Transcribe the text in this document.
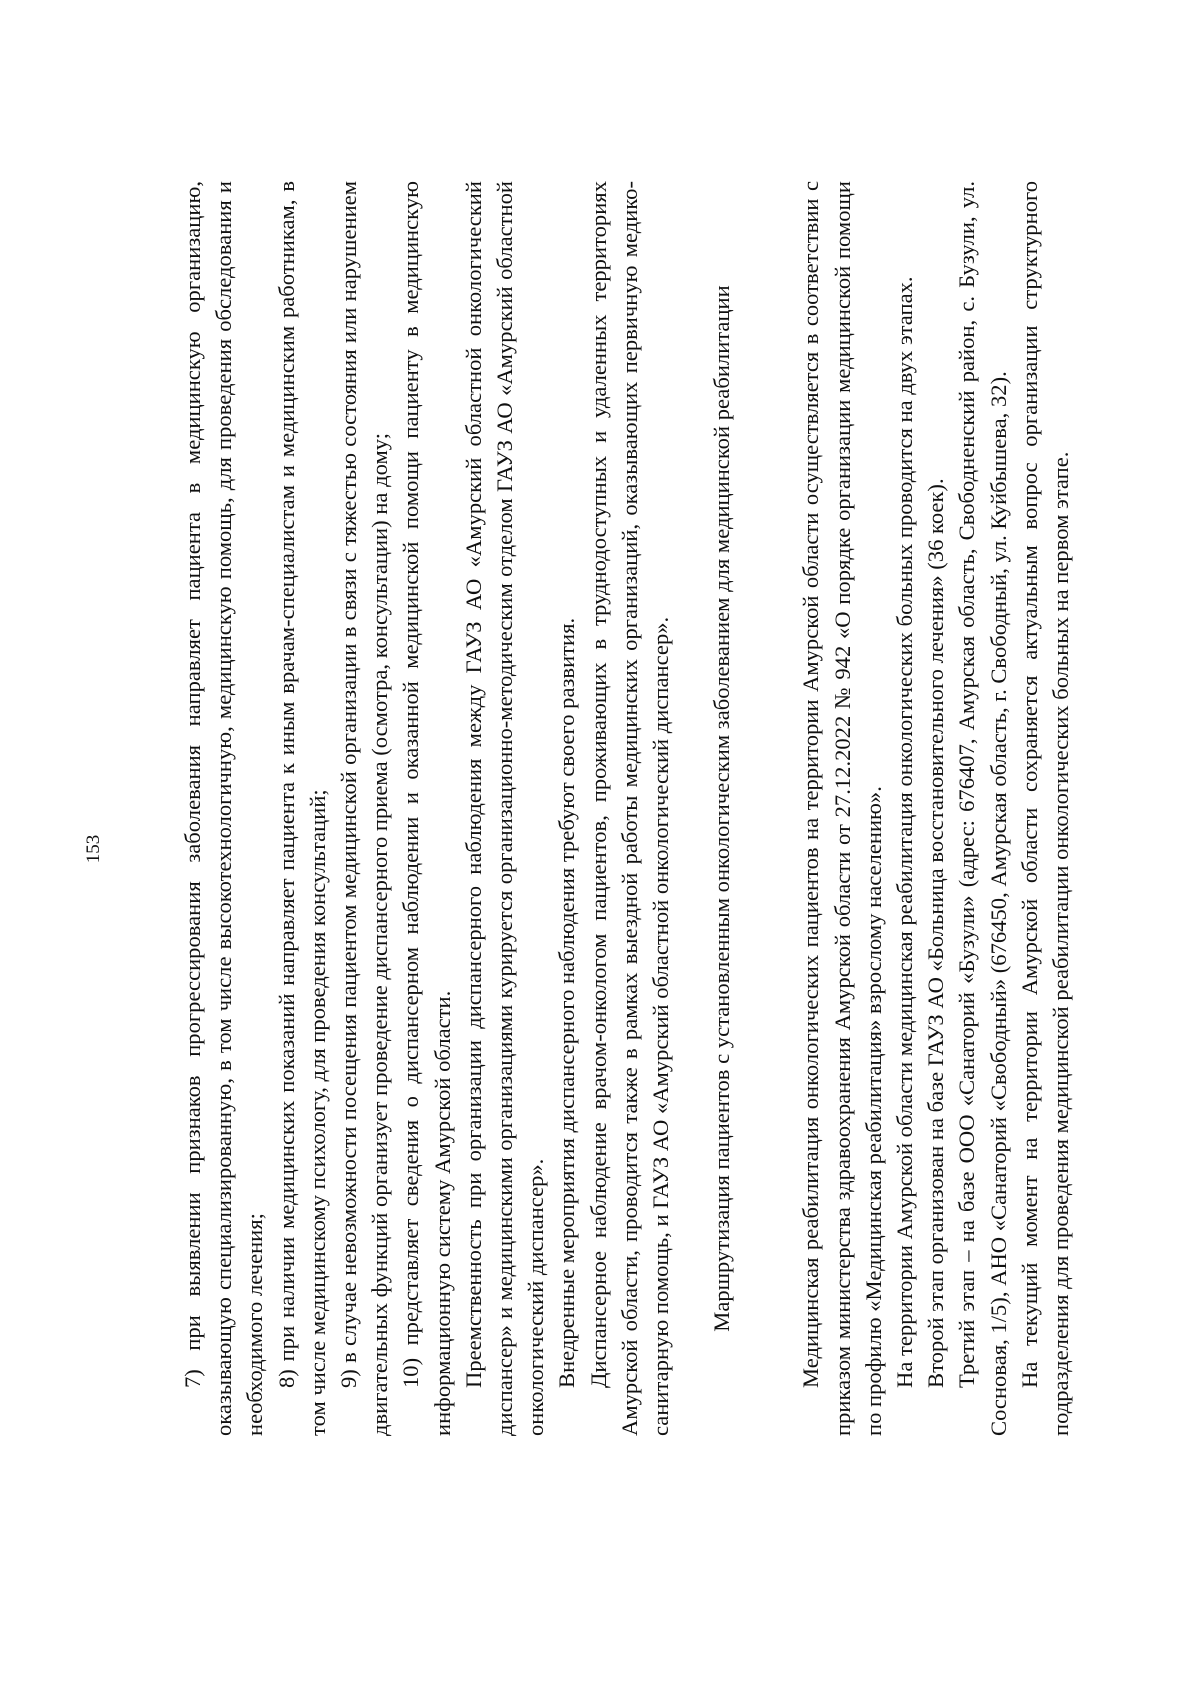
153	7) при выявлении признаков прогрессирования заболевания направляет пациента в медицинскую организацию, оказывающую специализированную, в том числе высокотехнологичную, медицинскую помощь, для проведения обследования и необходимого лечения; 8) при наличии медицинских показаний направляет пациента к иным врачам-специалистам и медицинским работникам, в том числе медицинскому психологу, для проведения консультаций; 9) в случае невозможности посещения пациентом медицинской организации в связи с тяжестью состояния или нарушением двигательных функций организует проведение диспансерного приема (осмотра, консультации) на дому; 10) представляет сведения о диспансерном наблюдении и оказанной медицинской помощи пациенту в медицинскую информационную систему Амурской области. Преемственность при организации диспансерного наблюдения между ГАУЗ АО «Амурский областной онкологический диспансер» и медицинскими организациями курируется организационно-методическим отделом ГАУЗ АО «Амурский областной онкологический диспансер». Внедренные мероприятия диспансерного наблюдения требуют своего развития. Диспансерное наблюдение врачом-онкологом пациентов, проживающих в труднодоступных и удаленных территориях Амурской области, проводится также в рамках выездной работы медицинских организаций, оказывающих первичную медико-санитарную помощь, и ГАУЗ АО «Амурский областной онкологический диспансер».	Маршрутизация пациентов с установленным онкологическим заболеванием для медицинской реабилитации	Медицинская реабилитация онкологических пациентов на территории Амурской области осуществляется в соответствии с приказом министерства здравоохранения Амурской области от 27.12.2022 № 942 «О порядке организации медицинской помощи по профилю «Медицинская реабилитация» взрослому населению». На территории Амурской области медицинская реабилитация онкологических больных проводится на двух этапах. Второй этап организован на базе ГАУЗ АО «Больница восстановительного лечения» (36 коек). Третий этап – на базе ООО «Санаторий «Бузули» (адрес: 676407, Амурская область, Свободненский район, с. Бузули, ул. Сосновая, 1/5), АНО «Санаторий «Свободный» (676450, Амурская область, г. Свободный, ул. Куйбышева, 32). На текущий момент на территории Амурской области сохраняется актуальным вопрос организации структурного подразделения для проведения медицинской реабилитации онкологических больных на первом этапе.
